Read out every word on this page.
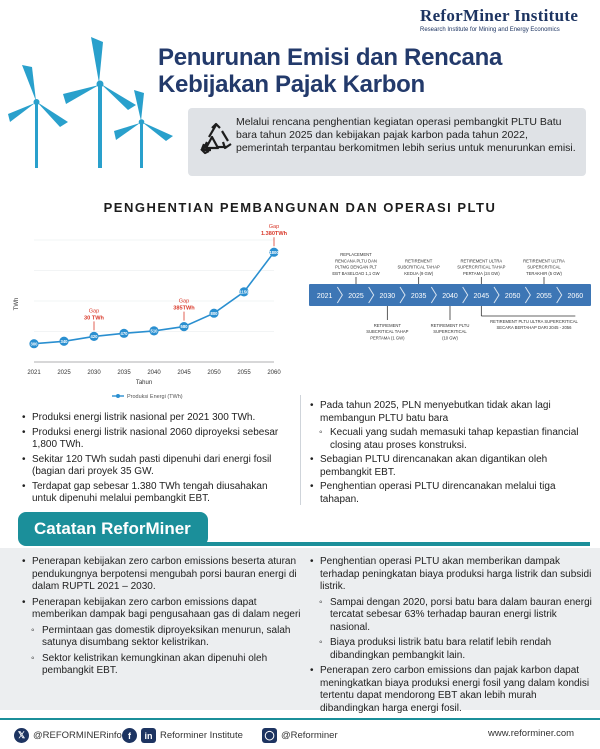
ReforMiner Institute
Research Institute for Mining and Energy Economics
Penurunan Emisi dan Rencana Kebijakan Pajak Karbon
Melalui rencana penghentian kegiatan operasi pembangkit PLTU Batu bara tahun 2025 dan kebijakan pajak karbon pada tahun 2022, pemerintah terpantau berkomitmen lebih serius untuk menurunkan emisi.
PENGHENTIAN PEMBANGUNAN DAN OPERASI PLTU
TWh
300	340
420
470	510
580
800
1150
1800
2021	2025	2030	2035	2040	2045	2050	2055	2060
Tahun
Produksi Energi (TWh)
Gap
30 TWh
Gap
385TWh
Gap
1.380TWh
2021 2025 2030 2035 2040 2045 2050 2055 2060
REPLACEMENT
RENCANA PLTU DAN
PLTMG DENGAN PLT
EBT BASELOAD 1,1 GW
RETIREMENT
SUBCRITICAL TAHAP
KEDUA (9 GW)
RETIREMENT ULTRA
SUPERCRITICAL TAHAP
PERTAMA (24 GW)
RETIREMENT ULTRA
SUPERCRITICAL
TERAKHIR (5 GW)
RETIREMENT
SUBCRITICAL TAHAP
PERTAMA (1 GW)
RETIREMENT PLTU
SUPERCRITICAL
(10 GW)
RETIREMENT PLTU ULTRA SUPERCRITICAL
SECARA BERTAHAP DARI 2045 - 2056
• Produksi energi listrik nasional per 2021 300 TWh.
• Produksi energi listrik nasional 2060 diproyeksi sebesar 1,800 TWh.
• Sekitar 120 TWh sudah pasti dipenuhi dari energi fosil (bagian dari proyek 35 GW.
• Terdapat gap sebesar 1.380 TWh tengah diusahakan untuk dipenuhi melalui pembangkit EBT.
• Pada tahun 2025, PLN menyebutkan tidak akan lagi membangun PLTU batu bara
◦ Kecuali yang sudah memasuki tahap kepastian financial closing atau proses konstruksi.
• Sebagian PLTU direncanakan akan digantikan oleh pembangkit EBT.
• Penghentian operasi PLTU direncanakan melalui tiga tahapan.
Catatan ReforMiner
• Penerapan kebijakan zero carbon emissions beserta aturan pendukungnya berpotensi mengubah porsi bauran energi di dalam RUPTL 2021 – 2030.
• Penerapan kebijakan zero carbon emissions dapat memberikan dampak bagi pengusahaan gas di dalam negeri
◦ Permintaan gas domestik diproyeksikan menurun, salah satunya disumbang sektor kelistrikan.
◦ Sektor kelistrikan kemungkinan akan dipenuhi oleh pembangkit EBT.
• Penghentian operasi PLTU akan memberikan dampak terhadap peningkatan biaya produksi harga listrik dan subsidi listrik.
◦ Sampai dengan 2020, porsi batu bara dalam bauran energi tercatat sebesar 63% terhadap bauran energi listrik nasional.
◦ Biaya produksi listrik batu bara relatif lebih rendah dibandingkan pembangkit lain.
• Penerapan zero carbon emissions dan pajak karbon dapat meningkatkan biaya produksi energi fosil yang dalam kondisi tertentu dapat mendorong EBT akan lebih murah dibandingkan harga energi fosil.
𝕏 @REFORMINERinfo f	in Reforminer Institute ◯ @Reforminer	www.reforminer.com
